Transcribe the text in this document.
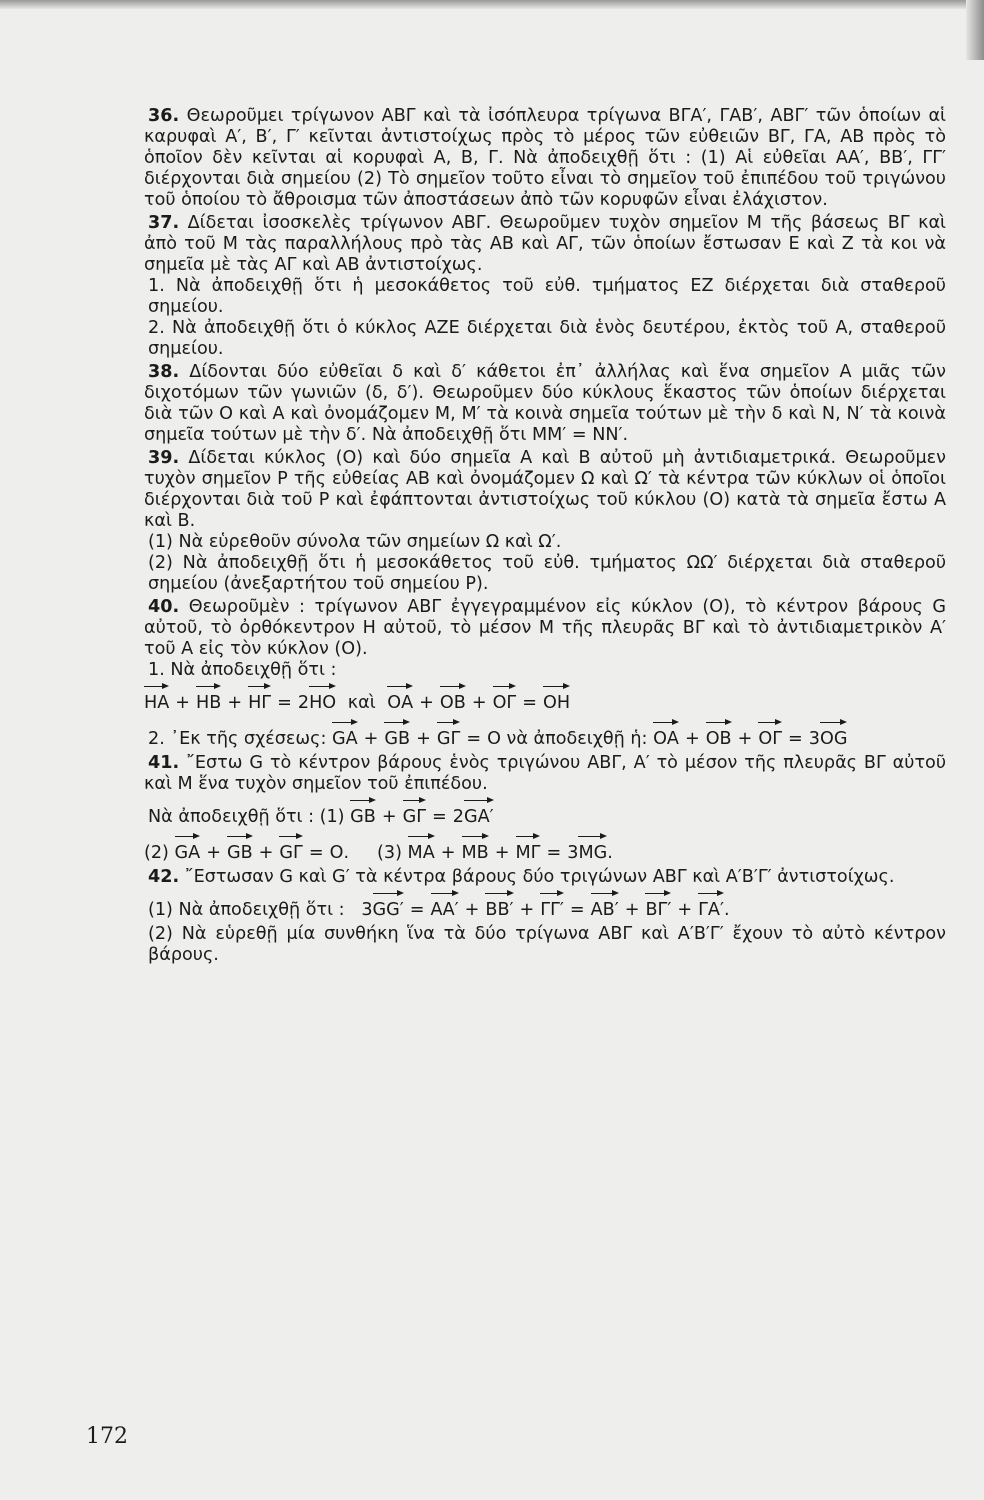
36. Θεωροῦμει τρίγωνον ΑΒΓ καὶ τὰ ἰσόπλευρα τρίγωνα ΒΓΑ′, ΓΑΒ′, ΑΒΓ′ τῶν ὁποίων αἱ καρυφαὶ Α′, Β′, Γ′ κεῖνται ἀντιστοίχως πρὸς τὸ μέρος τῶν εὐθειῶν ΒΓ, ΓΑ, ΑΒ πρὸς τὸ ὁποῖον δὲν κεῖνται αἱ κορυφαὶ Α, Β, Γ. Νὰ ἀποδειχθῇ ὅτι : (1) Αἱ εὐθεῖαι ΑΑ′, ΒΒ′, ΓΓ′ διέρχονται διὰ σημείου (2) Τὸ σημεῖον τοῦτο εἶναι τὸ σημεῖον τοῦ ἐπιπέδου τοῦ τριγώνου τοῦ ὁποίου τὸ ἄθροισμα τῶν ἀποστάσεων ἀπὸ τῶν κορυφῶν εἶναι ἐλάχιστον.

37. Δίδεται ἰσοσκελὲς τρίγωνον ΑΒΓ. Θεωροῦμεν τυχὸν σημεῖον Μ τῆς βάσεως ΒΓ καὶ ἀπὸ τοῦ Μ τὰς παραλλήλους πρὸ τὰς ΑΒ καὶ ΑΓ, τῶν ὁποίων ἔστωσαν Ε καὶ Ζ τὰ κοι νὰ σημεῖα μὲ τὰς ΑΓ καὶ ΑΒ ἀντιστοίχως.

1. Νὰ ἀποδειχθῇ ὅτι ἡ μεσοκάθετος τοῦ εὐθ. τμήματος ΕΖ διέρχεται διὰ σταθεροῦ σημείου.

2. Νὰ ἀποδειχθῇ ὅτι ὁ κύκλος ΑΖΕ διέρχεται διὰ ἑνὸς δευτέρου, ἐκτὸς τοῦ Α, σταθεροῦ σημείου.

38. Δίδονται δύο εὐθεῖαι δ καὶ δ′ κάθετοι ἐπ᾽ ἀλλήλας καὶ ἕνα σημεῖον Α μιᾶς τῶν διχοτόμων τῶν γωνιῶν (δ, δ′). Θεωροῦμεν δύο κύκλους ἕκαστος τῶν ὁποίων διέρχεται διὰ τῶν Ο καὶ Α καὶ ὀνομάζομεν Μ, Μ′ τὰ κοινὰ σημεῖα τούτων μὲ τὴν δ καὶ Ν, Ν′ τὰ κοινὰ σημεῖα τούτων μὲ τὴν δ′. Νὰ ἀποδειχθῇ ὅτι ΜΜ′ = ΝΝ′.

39. Δίδεται κύκλος (Ο) καὶ δύο σημεῖα Α καὶ Β αὐτοῦ μὴ ἀντιδιαμετρικά. Θεωροῦμεν τυχὸν σημεῖον Ρ τῆς εὐθείας ΑΒ καὶ ὀνομάζομεν Ω καὶ Ω′ τὰ κέντρα τῶν κύκλων οἱ ὁποῖοι διέρχονται διὰ τοῦ Ρ καὶ ἐφάπτονται ἀντιστοίχως τοῦ κύκλου (Ο) κατὰ τὰ σημεῖα ἔστω Α καὶ Β.

(1) Νὰ εὑρεθοῦν σύνολα τῶν σημείων Ω καὶ Ω′.

(2) Νὰ ἀποδειχθῇ ὅτι ἡ μεσοκάθετος τοῦ εὐθ. τμήματος ΩΩ′ διέρχεται διὰ σταθεροῦ σημείου (ἀνεξαρτήτου τοῦ σημείου Ρ).

40. Θεωροῦμὲν : τρίγωνον ΑΒΓ ἐγγεγραμμένον εἰς κύκλον (Ο), τὸ κέντρον βάρους G αὐτοῦ, τὸ ὀρθόκεντρον Η αὐτοῦ, τὸ μέσον Μ τῆς πλευρᾶς ΒΓ καὶ τὸ ἀντιδιαμετρικὸν Α′ τοῦ Α εἰς τὸν κύκλον (Ο).

1. Νὰ ἀποδειχθῇ ὅτι :

ΗΑ + ΗΒ + ΗΓ = 2ΗΟ καὶ ΟΑ + ΟΒ + ΟΓ = ΟΗ
2. ᾿Εκ τῆς σχέσεως: GΑ + GΒ + GΓ = Ο νὰ ἀποδειχθῇ ἡ: ΟΑ + ΟΒ + ΟΓ = 3ΟG

41. ῎Εστω G τὸ κέντρον βάρους ἑνὸς τριγώνου ΑΒΓ, Α′ τὸ μέσον τῆς πλευρᾶς ΒΓ αὐτοῦ καὶ Μ ἕνα τυχὸν σημεῖον τοῦ ἐπιπέδου.

Νὰ ἀποδειχθῇ ὅτι : (1) GΒ + GΓ = 2GΑ′
(2) GΑ + GΒ + GΓ = Ο. (3) ΜΑ + ΜΒ + ΜΓ = 3ΜG.

42. ῎Εστωσαν G καὶ G′ τὰ κέντρα βάρους δύο τριγώνων ΑΒΓ καὶ Α′Β′Γ′ ἀντιστοίχως.

(1) Νὰ ἀποδειχθῇ ὅτι : 3GG′ = ΑΑ′ + ΒΒ′ + ΓΓ′ = ΑΒ′ + ΒΓ′ + ΓΑ′.

(2) Νὰ εὑρεθῇ μία συνθήκη ἵνα τὰ δύο τρίγωνα ΑΒΓ καὶ Α′Β′Γ′ ἔχουν τὸ αὐτὸ κέντρον βάρους.

172
